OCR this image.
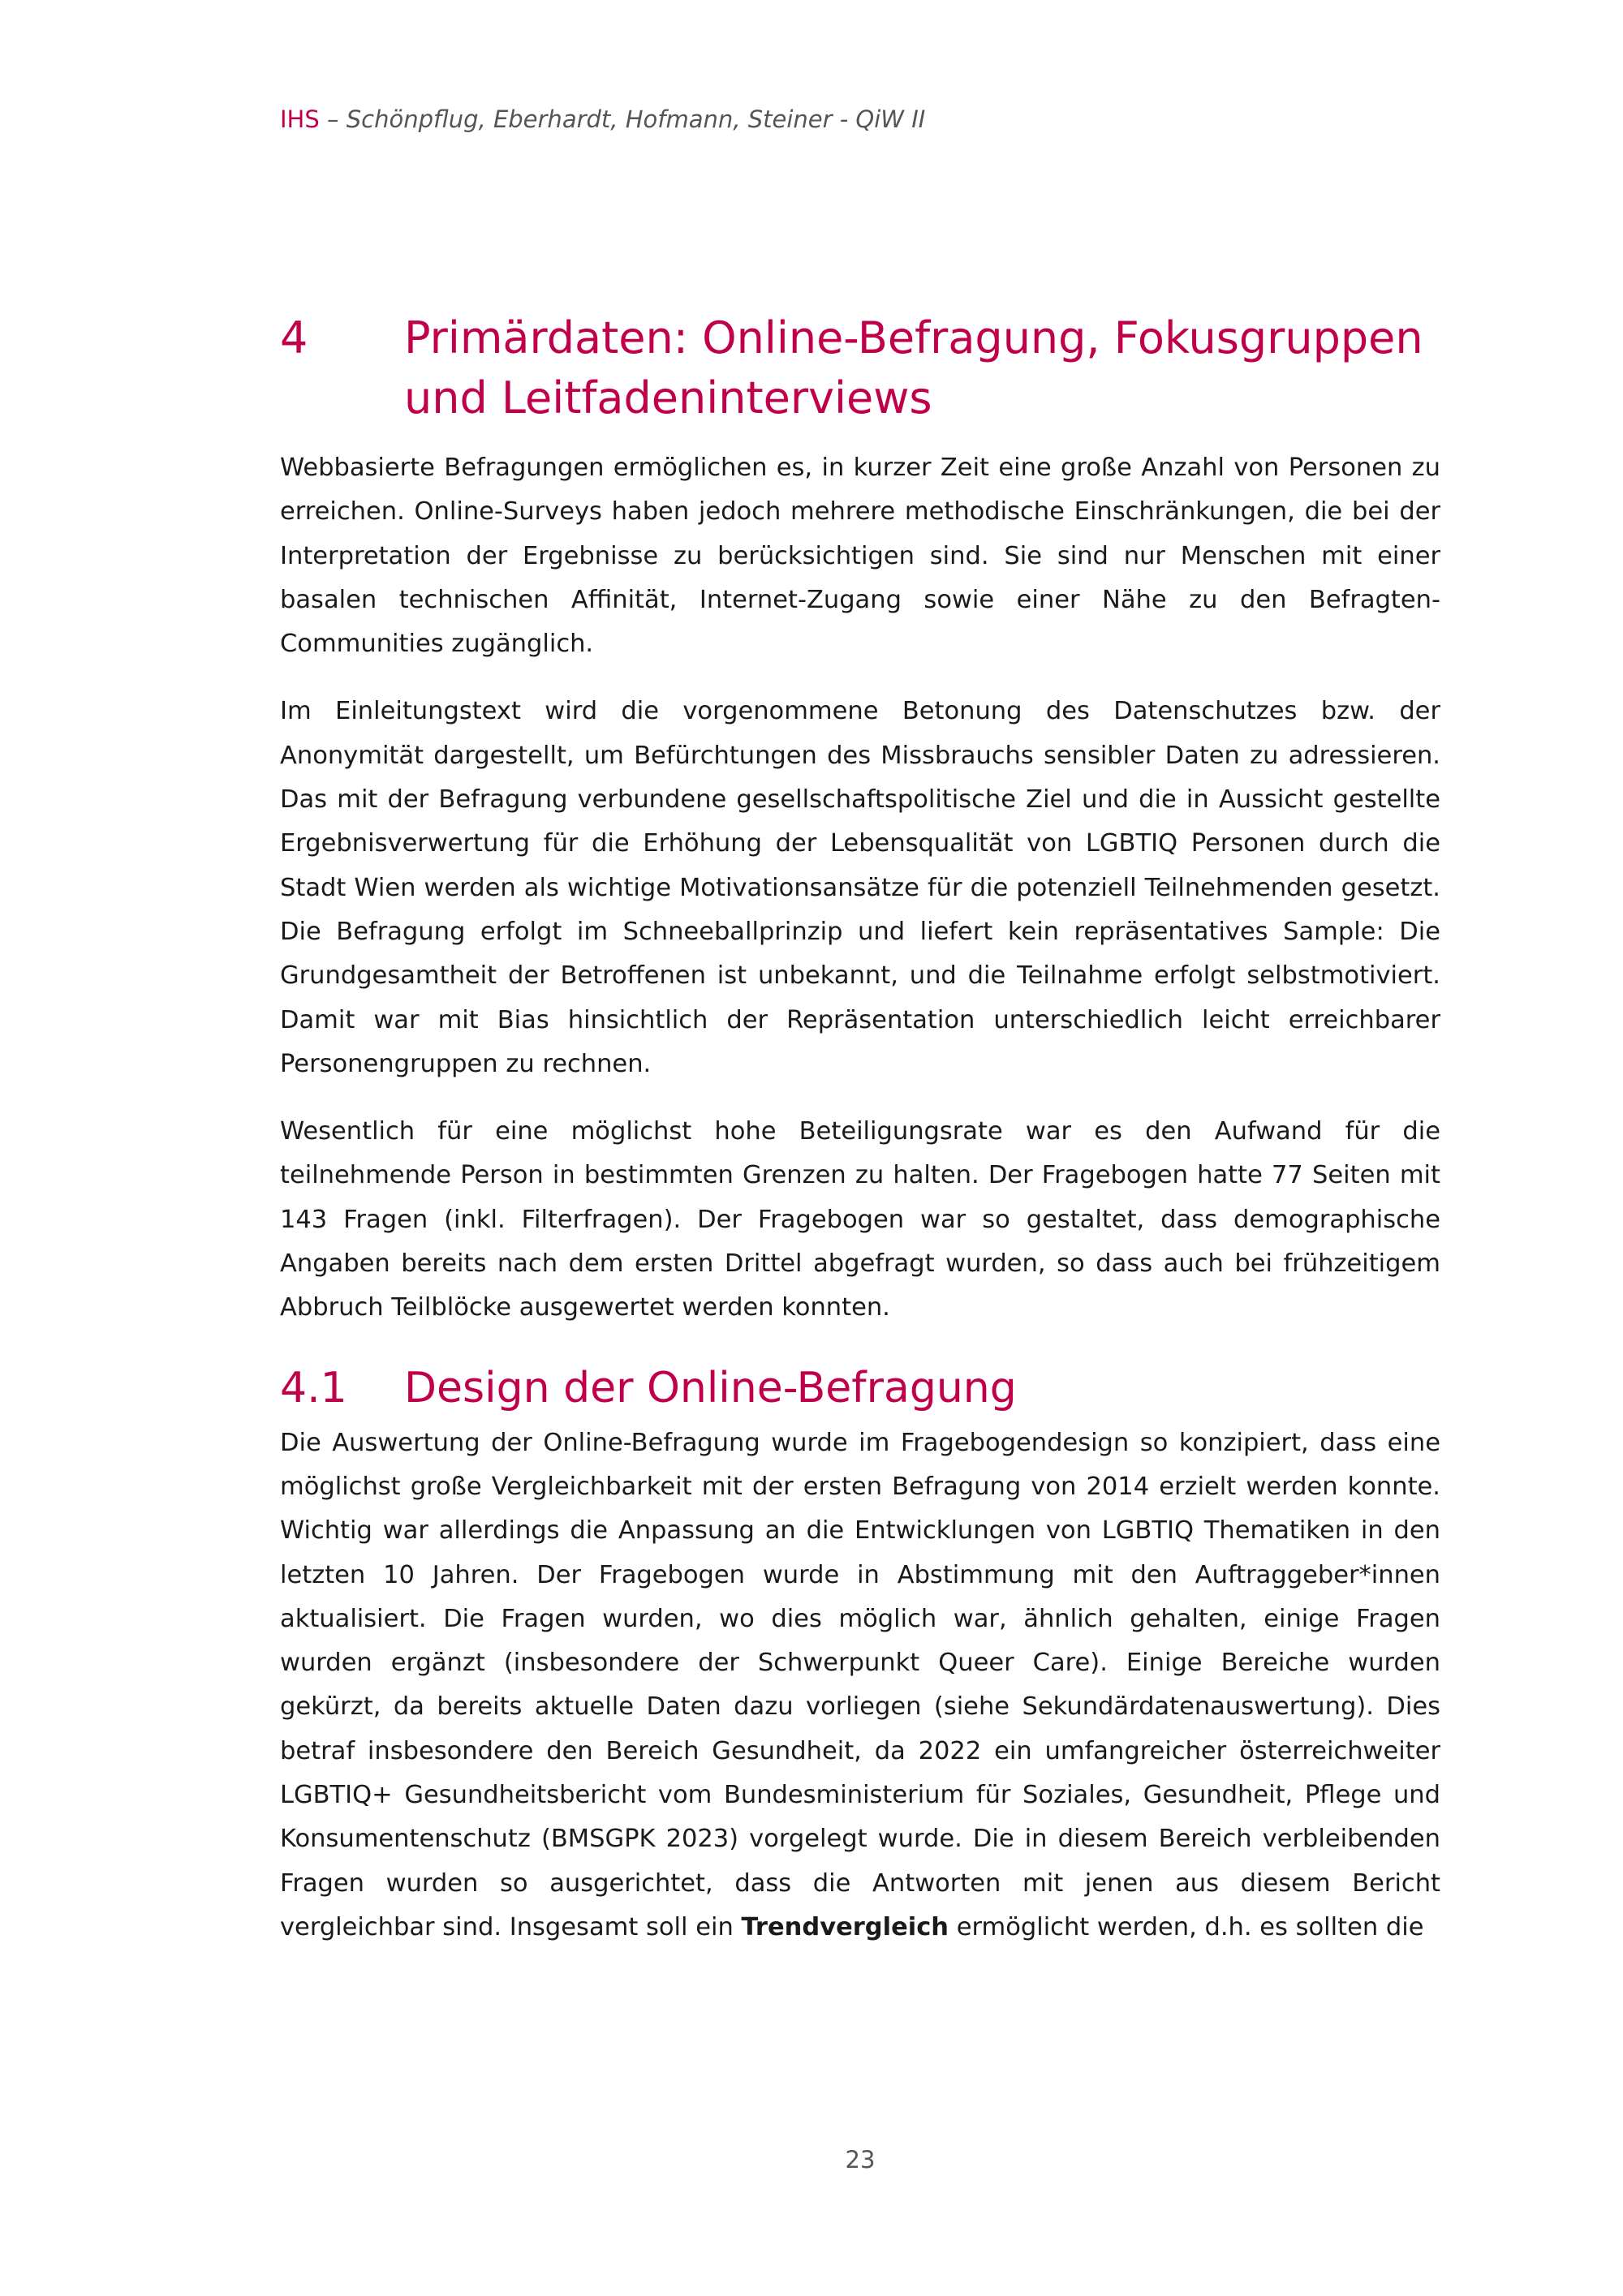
IHS – Schönpflug, Eberhardt, Hofmann, Steiner - QiW II
4	Primärdaten: Online-Befragung, Fokusgruppen und Leitfadeninterviews

Webbasierte Befragungen ermöglichen es, in kurzer Zeit eine große Anzahl von Personen zu erreichen. Online-Surveys haben jedoch mehrere methodische Einschränkungen, die bei der Interpretation der Ergebnisse zu berücksichtigen sind. Sie sind nur Menschen mit einer basalen technischen Affinität, Internet-Zugang sowie einer Nähe zu den Befragten-Communities zugänglich.

Im Einleitungstext wird die vorgenommene Betonung des Datenschutzes bzw. der Anonymität dargestellt, um Befürchtungen des Missbrauchs sensibler Daten zu adressieren. Das mit der Befragung verbundene gesellschaftspolitische Ziel und die in Aussicht gestellte Ergebnisverwertung für die Erhöhung der Lebensqualität von LGBTIQ Personen durch die Stadt Wien werden als wichtige Motivationsansätze für die potenziell Teilnehmenden gesetzt. Die Befragung erfolgt im Schneeballprinzip und liefert kein repräsentatives Sample: Die Grundgesamtheit der Betroffenen ist unbekannt, und die Teilnahme erfolgt selbstmotiviert. Damit war mit Bias hinsichtlich der Repräsentation unterschiedlich leicht erreichbarer Personengruppen zu rechnen.

Wesentlich für eine möglichst hohe Beteiligungsrate war es den Aufwand für die teilnehmende Person in bestimmten Grenzen zu halten. Der Fragebogen hatte 77 Seiten mit 143 Fragen (inkl. Filterfragen). Der Fragebogen war so gestaltet, dass demographische Angaben bereits nach dem ersten Drittel abgefragt wurden, so dass auch bei frühzeitigem Abbruch Teilblöcke ausgewertet werden konnten.

4.1	Design der Online-Befragung

Die Auswertung der Online-Befragung wurde im Fragebogendesign so konzipiert, dass eine möglichst große Vergleichbarkeit mit der ersten Befragung von 2014 erzielt werden konnte. Wichtig war allerdings die Anpassung an die Entwicklungen von LGBTIQ Thematiken in den letzten 10 Jahren. Der Fragebogen wurde in Abstimmung mit den Auftraggeber*innen aktualisiert. Die Fragen wurden, wo dies möglich war, ähnlich gehalten, einige Fragen wurden ergänzt (insbesondere der Schwerpunkt Queer Care). Einige Bereiche wurden gekürzt, da bereits aktuelle Daten dazu vorliegen (siehe Sekundärdatenauswertung). Dies betraf insbesondere den Bereich Gesundheit, da 2022 ein umfangreicher österreichweiter LGBTIQ+ Gesundheitsbericht vom Bundesministerium für Soziales, Gesundheit, Pflege und Konsumentenschutz (BMSGPK 2023) vorgelegt wurde. Die in diesem Bereich verbleibenden Fragen wurden so ausgerichtet, dass die Antworten mit jenen aus diesem Bericht vergleichbar sind. Insgesamt soll ein Trendvergleich ermöglicht werden, d.h. es sollten die

23
